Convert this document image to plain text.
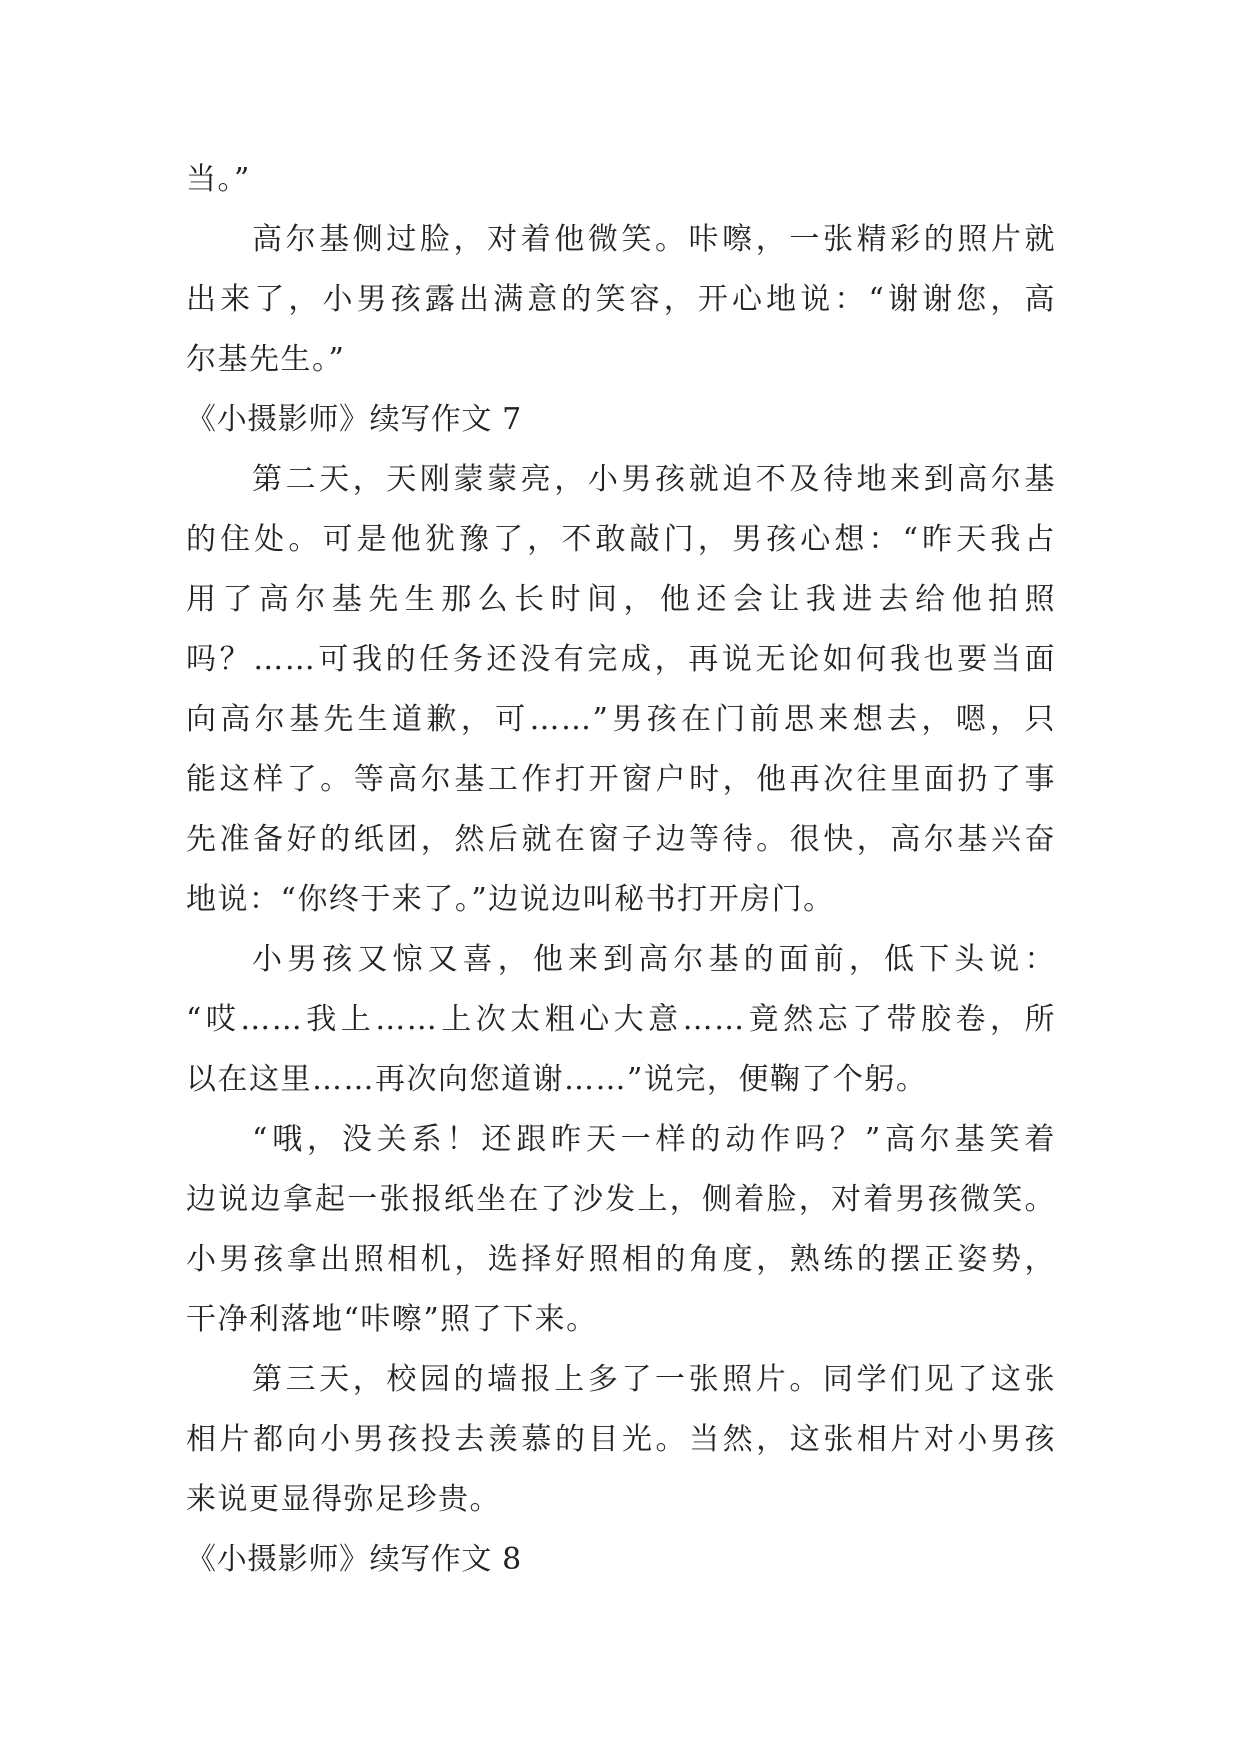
当。”
高尔基侧过脸，对着他微笑。咔嚓，一张精彩的照片就
出来了，小男孩露出满意的笑容，开心地说：“谢谢您，高
尔基先生。”
《小摄影师》续写作文 7
第二天，天刚蒙蒙亮，小男孩就迫不及待地来到高尔基
的住处。可是他犹豫了，不敢敲门，男孩心想：“昨天我占
用了高尔基先生那么长时间，他还会让我进去给他拍照
吗？……可我的任务还没有完成，再说无论如何我也要当面
向高尔基先生道歉，可……”男孩在门前思来想去，嗯，只
能这样了。等高尔基工作打开窗户时，他再次往里面扔了事
先准备好的纸团，然后就在窗子边等待。很快，高尔基兴奋
地说：“你终于来了。”边说边叫秘书打开房门。
小男孩又惊又喜，他来到高尔基的面前，低下头说：
“哎……我上……上次太粗心大意……竟然忘了带胶卷，所
以在这里……再次向您道谢……”说完，便鞠了个躬。
“哦，没关系！还跟昨天一样的动作吗？”高尔基笑着
边说边拿起一张报纸坐在了沙发上，侧着脸，对着男孩微笑。
小男孩拿出照相机，选择好照相的角度，熟练的摆正姿势，
干净利落地“咔嚓”照了下来。
第三天，校园的墙报上多了一张照片。同学们见了这张
相片都向小男孩投去羡慕的目光。当然，这张相片对小男孩
来说更显得弥足珍贵。
《小摄影师》续写作文 8
